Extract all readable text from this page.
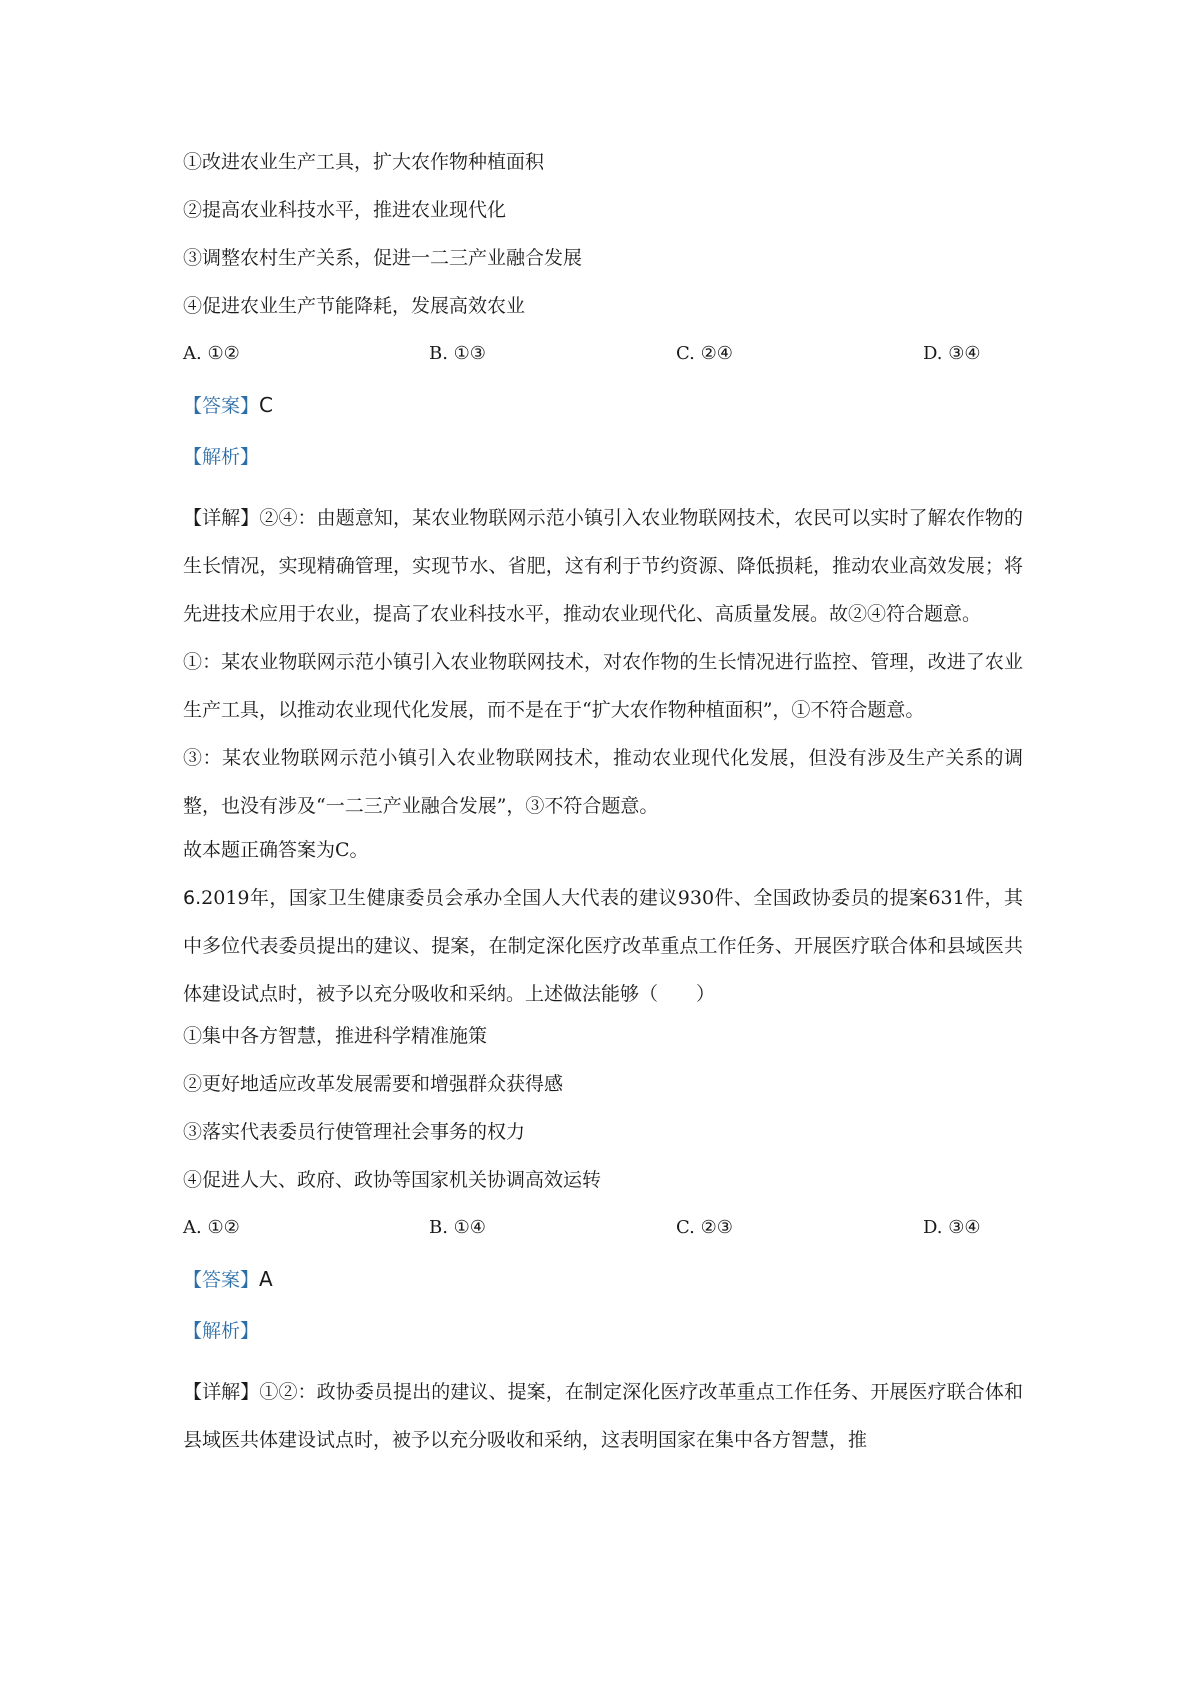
①改进农业生产工具，扩大农作物种植面积
②提高农业科技水平，推进农业现代化
③调整农村生产关系，促进一二三产业融合发展
④促进农业生产节能降耗，发展高效农业
A. ①②	B. ①③	C. ②④	D. ③④
【答案】C
【解析】

【详解】②④：由题意知，某农业物联网示范小镇引入农业物联网技术，农民可以实时了解农作物的生长情况，实现精确管理，实现节水、省肥，这有利于节约资源、降低损耗，推动农业高效发展；将先进技术应用于农业，提高了农业科技水平，推动农业现代化、高质量发展。故②④符合题意。

①：某农业物联网示范小镇引入农业物联网技术，对农作物的生长情况进行监控、管理，改进了农业生产工具，以推动农业现代化发展，而不是在于“扩大农作物种植面积”，①不符合题意。

③：某农业物联网示范小镇引入农业物联网技术，推动农业现代化发展，但没有涉及生产关系的调整，也没有涉及“一二三产业融合发展”，③不符合题意。

故本题正确答案为C。

6.2019年，国家卫生健康委员会承办全国人大代表的建议930件、全国政协委员的提案631件，其中多位代表委员提出的建议、提案，在制定深化医疗改革重点工作任务、开展医疗联合体和县域医共体建设试点时，被予以充分吸收和采纳。上述做法能够（　　）

①集中各方智慧，推进科学精准施策
②更好地适应改革发展需要和增强群众获得感
③落实代表委员行使管理社会事务的权力
④促进人大、政府、政协等国家机关协调高效运转
A. ①②	B. ①④	C. ②③	D. ③④
【答案】A
【解析】

【详解】①②：政协委员提出的建议、提案，在制定深化医疗改革重点工作任务、开展医疗联合体和县域医共体建设试点时，被予以充分吸收和采纳，这表明国家在集中各方智慧，推
